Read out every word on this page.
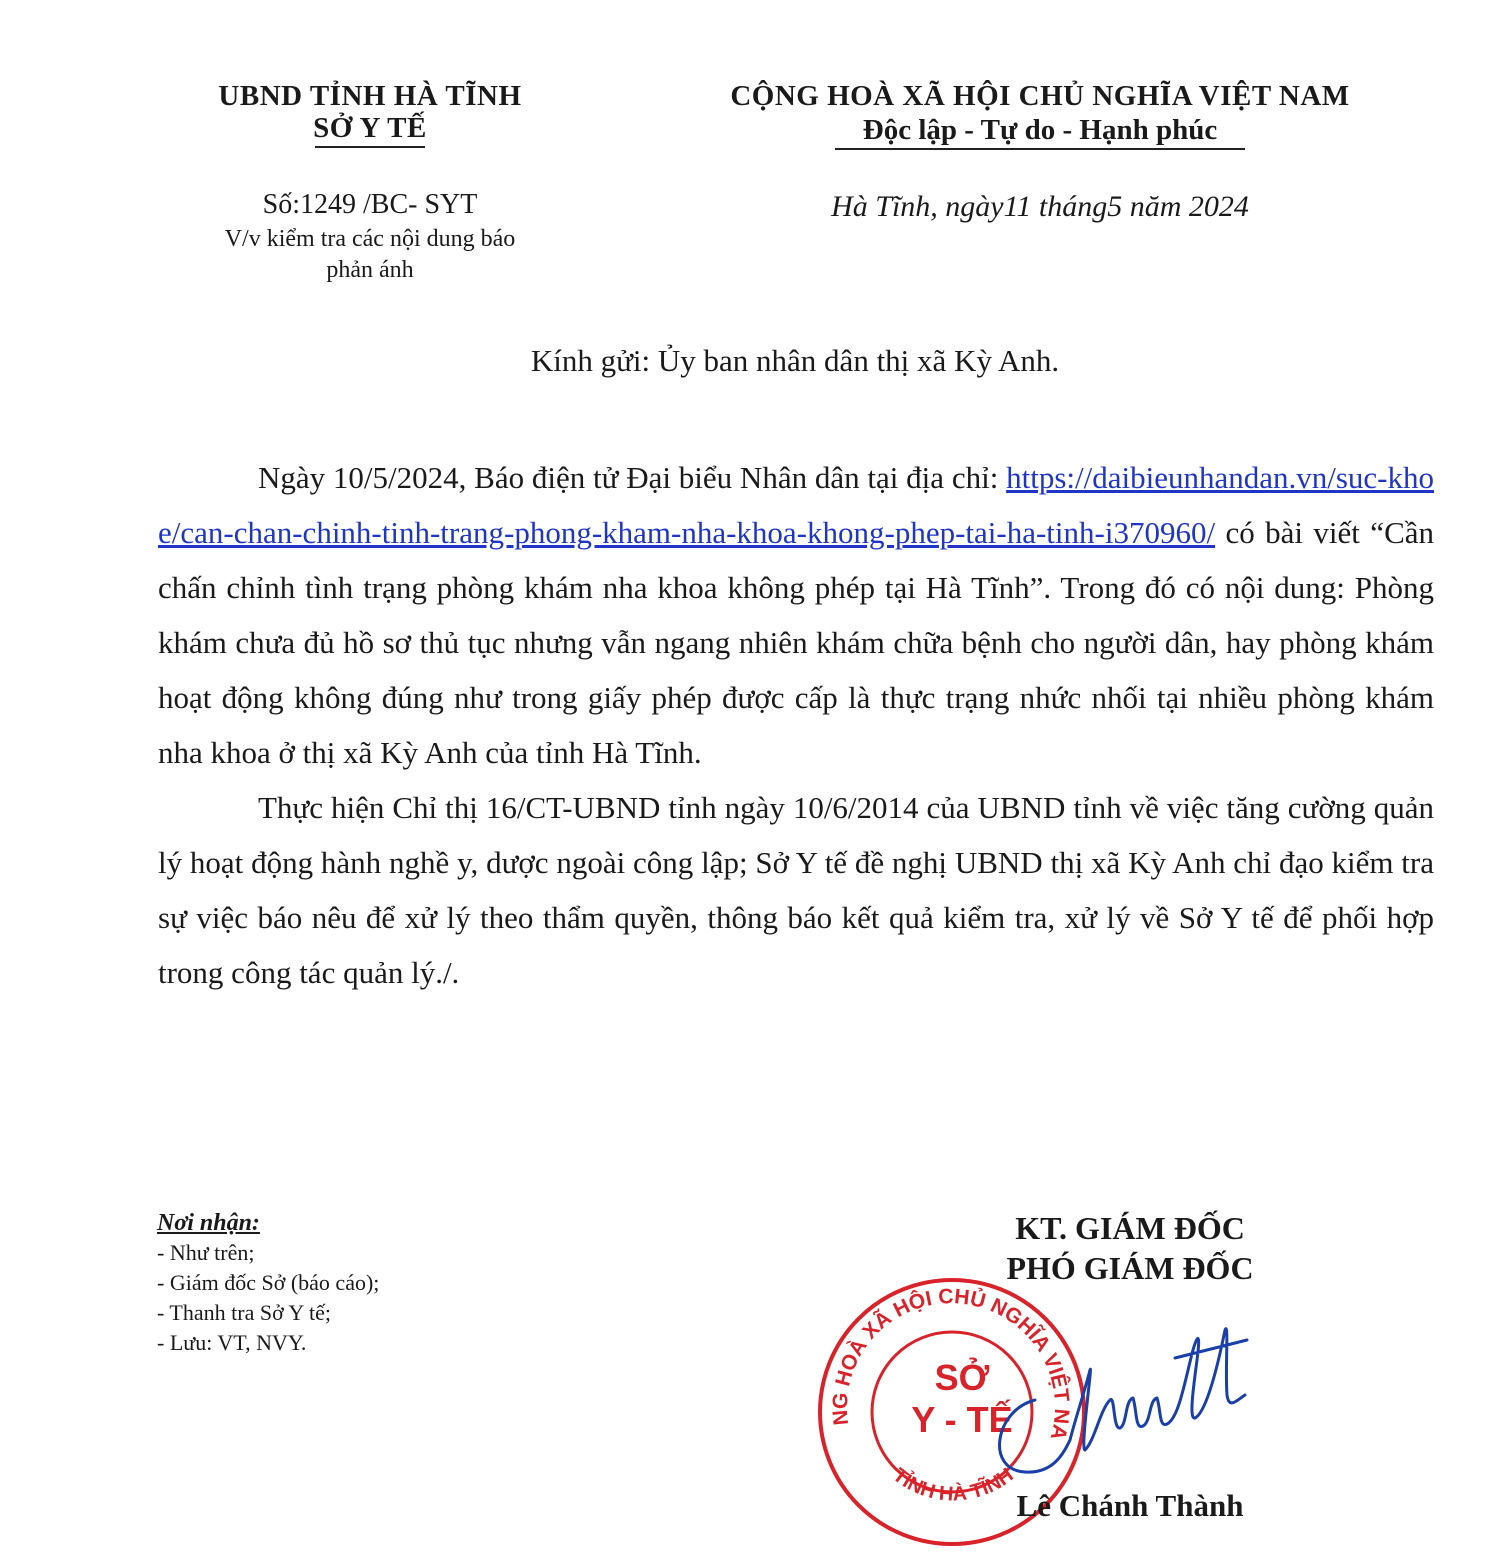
UBND TỈNH HÀ TĨNH
SỞ Y TẾ
Số:1249 /BC- SYT
V/v kiểm tra các nội dung báo
phản ánh
CỘNG HOÀ XÃ HỘI CHỦ NGHĨA VIỆT NAM
Độc lập - Tự do - Hạnh phúc
Hà Tĩnh, ngày11 tháng5 năm 2024
Kính gửi: Ủy ban nhân dân thị xã Kỳ Anh.

Ngày 10/5/2024, Báo điện tử Đại biểu Nhân dân tại địa chỉ: https://daibieunhandan.vn/suc-khoe/can-chan-chinh-tinh-trang-phong-kham-nha-khoa-khong-phep-tai-ha-tinh-i370960/ có bài viết “Cần chấn chỉnh tình trạng phòng khám nha khoa không phép tại Hà Tĩnh”. Trong đó có nội dung: Phòng khám chưa đủ hồ sơ thủ tục nhưng vẫn ngang nhiên khám chữa bệnh cho người dân, hay phòng khám hoạt động không đúng như trong giấy phép được cấp là thực trạng nhức nhối tại nhiều phòng khám nha khoa ở thị xã Kỳ Anh của tỉnh Hà Tĩnh.

Thực hiện Chỉ thị 16/CT-UBND tỉnh ngày 10/6/2014 của UBND tỉnh về việc tăng cường quản lý hoạt động hành nghề y, dược ngoài công lập; Sở Y tế đề nghị UBND thị xã Kỳ Anh chỉ đạo kiểm tra sự việc báo nêu để xử lý theo thẩm quyền, thông báo kết quả kiểm tra, xử lý về Sở Y tế để phối hợp trong công tác quản lý./.

Nơi nhận:
- Như trên;
- Giám đốc Sở (báo cáo);
- Thanh tra Sở Y tế;
- Lưu: VT, NVY.
KT. GIÁM ĐỐC
PHÓ GIÁM ĐỐC
CỘNG HOÀ XÃ HỘI CHỦ NGHĨA VIỆT NAM
TỈNH HÀ TĨNH
SỞ
Y - TẾ
Lê Chánh Thành
